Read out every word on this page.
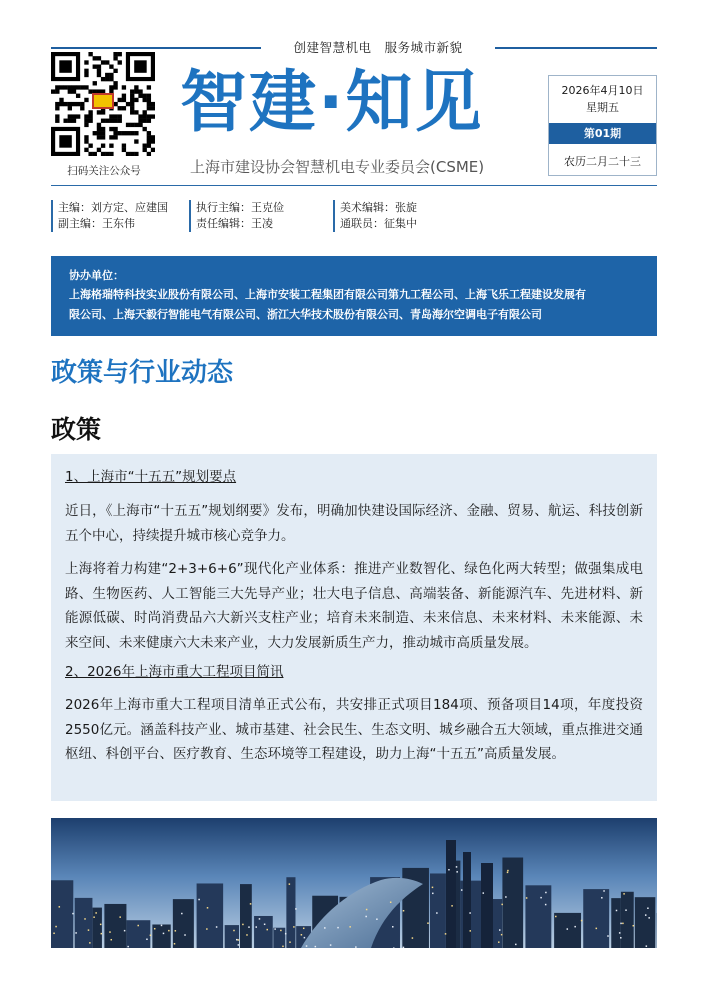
创建智慧机电　服务城市新貌
扫码关注公众号
智建·知见
上海市建设协会智慧机电专业委员会(CSME)
2026年4月10日
星期五
第01期
农历二月二十三
主编：刘方定、应建国
副主编：王东伟
执行主编：王克俭
责任编辑：王凌
美术编辑：张旋
通联员：征集中
协办单位：
上海格瑞特科技实业股份有限公司、上海市安装工程集团有限公司第九工程公司、上海飞乐工程建设发展有
限公司、上海天毅行智能电气有限公司、浙江大华技术股份有限公司、青岛海尔空调电子有限公司
政策与行业动态
政策
1、上海市“十五五”规划要点

近日，《上海市“十五五”规划纲要》发布，明确加快建设国际经济、金融、贸易、航运、科技创新五个中心，持续提升城市核心竞争力。

上海将着力构建“2+3+6+6”现代化产业体系：推进产业数智化、绿色化两大转型；做强集成电路、生物医药、人工智能三大先导产业；壮大电子信息、高端装备、新能源汽车、先进材料、新能源低碳、时尚消费品六大新兴支柱产业；培育未来制造、未来信息、未来材料、未来能源、未来空间、未来健康六大未来产业，大力发展新质生产力，推动城市高质量发展。

2、2026年上海市重大工程项目简讯

2026年上海市重大工程项目清单正式公布，共安排正式项目184项、预备项目14项，年度投资2550亿元。涵盖科技产业、城市基建、社会民生、生态文明、城乡融合五大领域，重点推进交通枢纽、科创平台、医疗教育、生态环境等工程建设，助力上海“十五五”高质量发展。
